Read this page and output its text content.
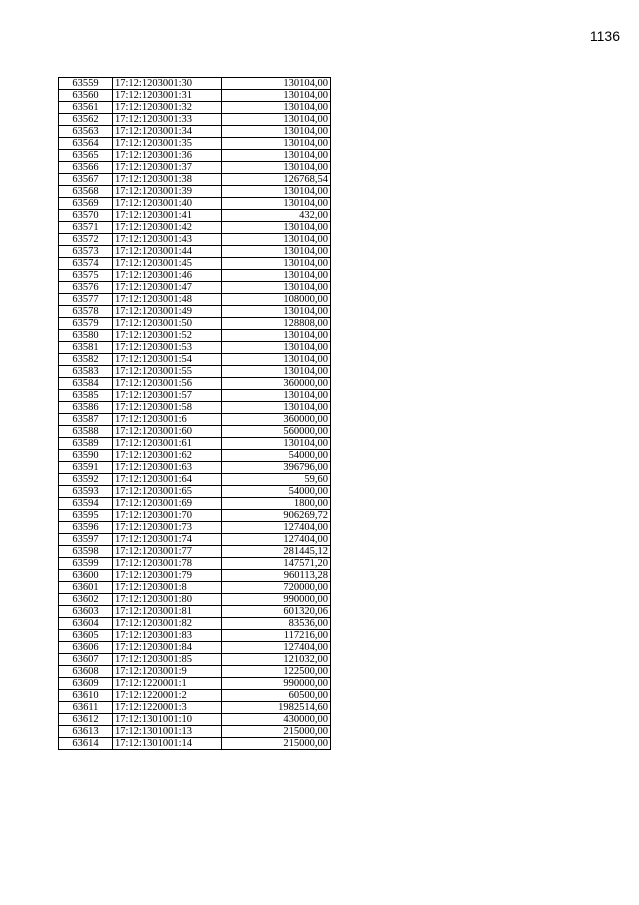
1136
63559	17:12:1203001:30	130104,00
63560	17:12:1203001:31	130104,00
63561	17:12:1203001:32	130104,00
63562	17:12:1203001:33	130104,00
63563	17:12:1203001:34	130104,00
63564	17:12:1203001:35	130104,00
63565	17:12:1203001:36	130104,00
63566	17:12:1203001:37	130104,00
63567	17:12:1203001:38	126768,54
63568	17:12:1203001:39	130104,00
63569	17:12:1203001:40	130104,00
63570	17:12:1203001:41	432,00
63571	17:12:1203001:42	130104,00
63572	17:12:1203001:43	130104,00
63573	17:12:1203001:44	130104,00
63574	17:12:1203001:45	130104,00
63575	17:12:1203001:46	130104,00
63576	17:12:1203001:47	130104,00
63577	17:12:1203001:48	108000,00
63578	17:12:1203001:49	130104,00
63579	17:12:1203001:50	128808,00
63580	17:12:1203001:52	130104,00
63581	17:12:1203001:53	130104,00
63582	17:12:1203001:54	130104,00
63583	17:12:1203001:55	130104,00
63584	17:12:1203001:56	360000,00
63585	17:12:1203001:57	130104,00
63586	17:12:1203001:58	130104,00
63587	17:12:1203001:6	360000,00
63588	17:12:1203001:60	560000,00
63589	17:12:1203001:61	130104,00
63590	17:12:1203001:62	54000,00
63591	17:12:1203001:63	396796,00
63592	17:12:1203001:64	59,60
63593	17:12:1203001:65	54000,00
63594	17:12:1203001:69	1800,00
63595	17:12:1203001:70	906269,72
63596	17:12:1203001:73	127404,00
63597	17:12:1203001:74	127404,00
63598	17:12:1203001:77	281445,12
63599	17:12:1203001:78	147571,20
63600	17:12:1203001:79	960113,28
63601	17:12:1203001:8	720000,00
63602	17:12:1203001:80	990000,00
63603	17:12:1203001:81	601320,06
63604	17:12:1203001:82	83536,00
63605	17:12:1203001:83	117216,00
63606	17:12:1203001:84	127404,00
63607	17:12:1203001:85	121032,00
63608	17:12:1203001:9	122500,00
63609	17:12:1220001:1	990000,00
63610	17:12:1220001:2	60500,00
63611	17:12:1220001:3	1982514,60
63612	17:12:1301001:10	430000,00
63613	17:12:1301001:13	215000,00
63614	17:12:1301001:14	215000,00
